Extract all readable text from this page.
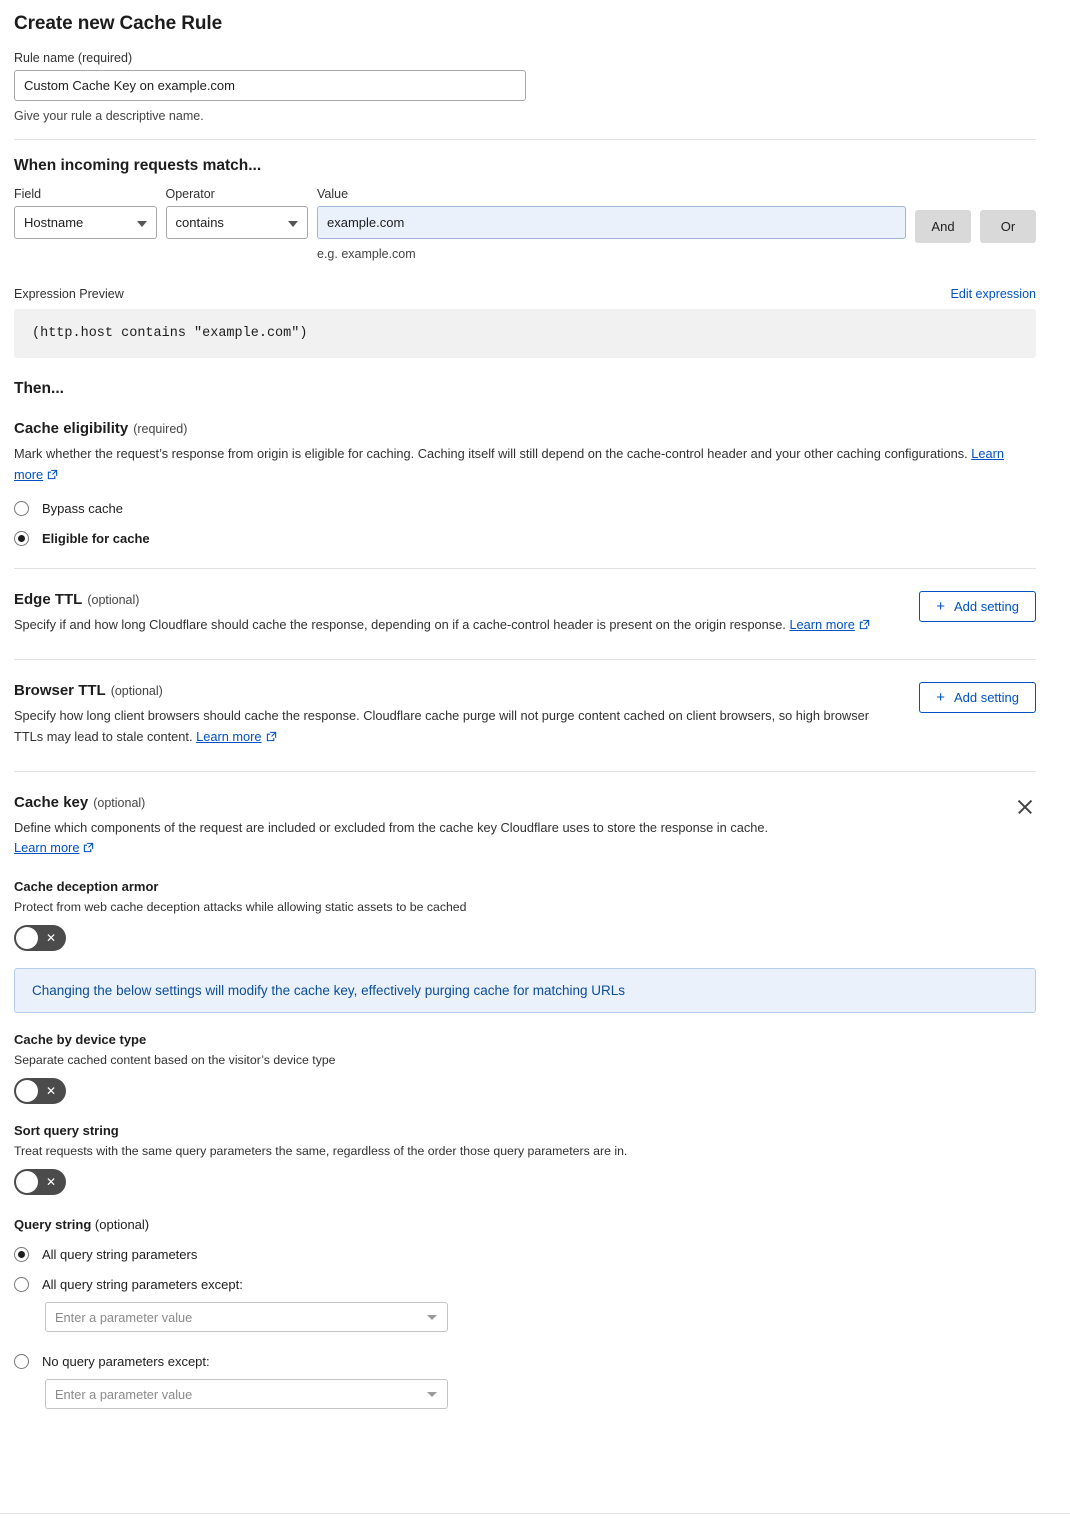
Create new Cache Rule
Rule name (required)
Custom Cache Key on example.com
Give your rule a descriptive name.
When incoming requests match...
Field
Hostname
Operator
contains
Value
example.com
e.g. example.com
And	Or
Expression Preview	Edit expression
(http.host contains "example.com")
Then...
Cache eligibility (required)
Mark whether the request’s response from origin is eligible for caching. Caching itself will still depend on the cache-control header and your other caching configurations. Learn more
Bypass cache
Eligible for cache
Edge TTL (optional)
Specify if and how long Cloudflare should cache the response, depending on if a cache-control header is present on the origin response. Learn more
+ Add setting
Browser TTL (optional)
Specify how long client browsers should cache the response. Cloudflare cache purge will not purge content cached on client browsers, so high browser TTLs may lead to stale content. Learn more
+ Add setting
Cache key (optional)
Define which components of the request are included or excluded from the cache key Cloudflare uses to store the response in cache.
Learn more
Cache deception armor
Protect from web cache deception attacks while allowing static assets to be cached
✕
Changing the below settings will modify the cache key, effectively purging cache for matching URLs
Cache by device type
Separate cached content based on the visitor’s device type
✕
Sort query string
Treat requests with the same query parameters the same, regardless of the order those query parameters are in.
✕
Query string (optional)
All query string parameters
All query string parameters except:
Enter a parameter value
No query parameters except:
Enter a parameter value
